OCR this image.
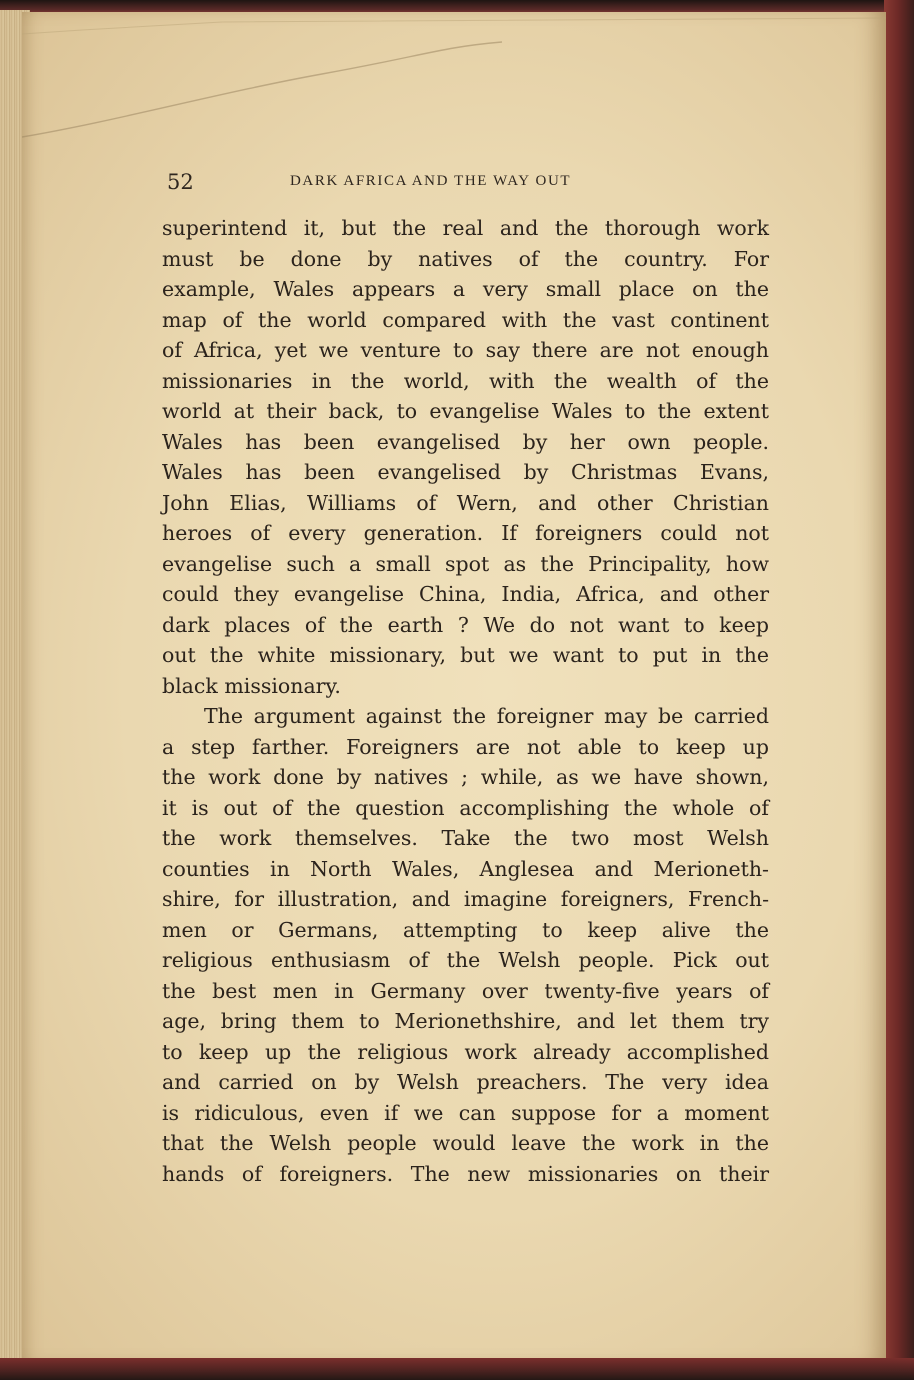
52	DARK AFRICA AND THE WAY OUT

superintend it, but the real and the thorough work
must be done by natives of the country. For
example, Wales appears a very small place on the
map of the world compared with the vast continent
of Africa, yet we venture to say there are not enough
missionaries in the world, with the wealth of the
world at their back, to evangelise Wales to the extent
Wales has been evangelised by her own people.
Wales has been evangelised by Christmas Evans,
John Elias, Williams of Wern, and other Christian
heroes of every generation. If foreigners could not
evangelise such a small spot as the Principality, how
could they evangelise China, India, Africa, and other
dark places of the earth ? We do not want to keep
out the white missionary, but we want to put in the
black missionary.
The argument against the foreigner may be carried
a step farther. Foreigners are not able to keep up
the work done by natives ; while, as we have shown,
it is out of the question accomplishing the whole of
the work themselves. Take the two most Welsh
counties in North Wales, Anglesea and Merioneth-
shire, for illustration, and imagine foreigners, French-
men or Germans, attempting to keep alive the
religious enthusiasm of the Welsh people. Pick out
the best men in Germany over twenty-five years of
age, bring them to Merionethshire, and let them try
to keep up the religious work already accomplished
and carried on by Welsh preachers. The very idea
is ridiculous, even if we can suppose for a moment
that the Welsh people would leave the work in the
hands of foreigners. The new missionaries on their
